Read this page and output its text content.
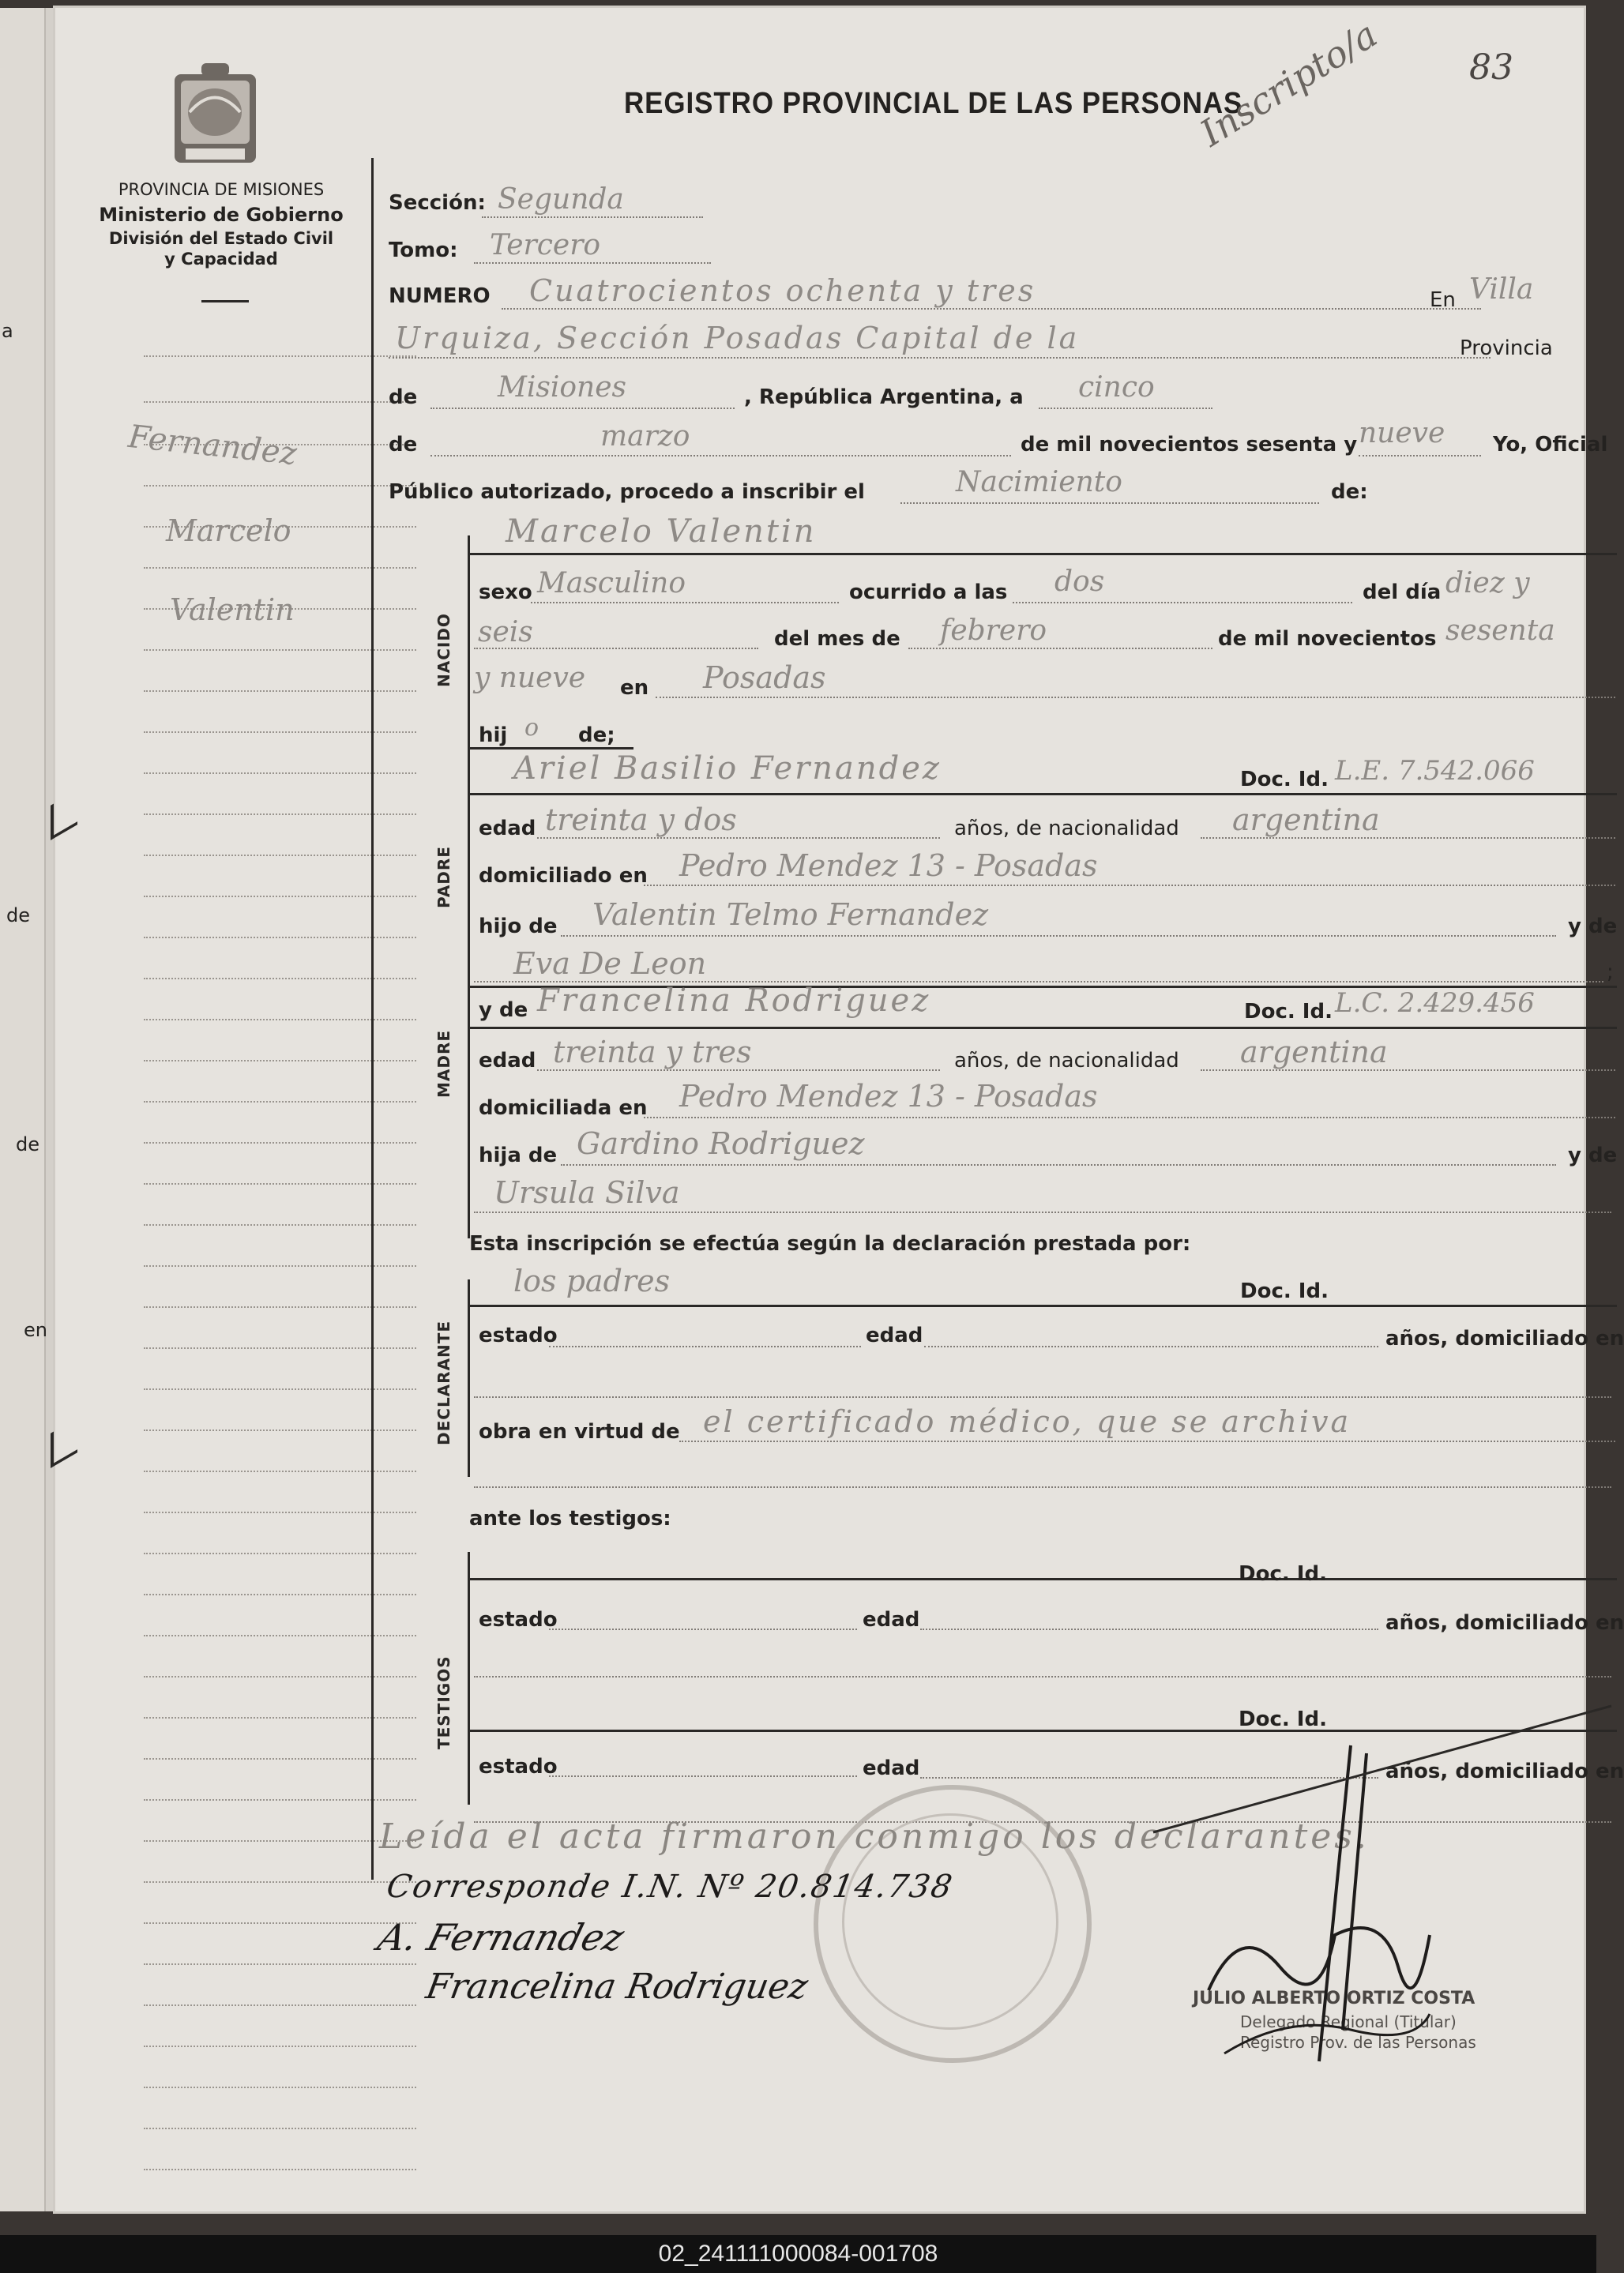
a
de
de
en
PROVINCIA DE MISIONES
Ministerio de Gobierno
División del Estado Civil
y Capacidad
REGISTRO PROVINCIAL DE LAS PERSONAS
Inscripto/a 83
Fernandez
Marcelo
Valentin
Sección: Segunda
Tomo: Tercero
NUMERO Cuatrocientos ochenta y tres	En Villa
Urquiza, Sección Posadas Capital de la	Provincia
de	Misiones	, República Argentina, a cinco
de	marzo	de mil novecientos sesenta y nueve Yo, Oficial
Público autorizado, procedo a inscribir el	Nacimiento	de:
Marcelo Valentin
NACIDO
sexo Masculino	ocurrido a las dos	del día diez y
seis	del mes de febrero	de mil novecientos sesenta
y nueve en Posadas
hij o de;
Ariel Basilio Fernandez	Doc. Id. L.E. 7.542.066
PADRE
edad treinta y dos	años, de nacionalidad argentina
domiciliado en Pedro Mendez 13 - Posadas
hijo de Valentin Telmo Fernandez	y de
Eva De Leon	;
y de Francelina Rodriguez	Doc. Id. L.C. 2.429.456
MADRE edad treinta y tres	años, de nacionalidad argentina
domiciliada en Pedro Mendez 13 - Posadas
hija de Gardino Rodriguez	y de
Ursula Silva
Esta inscripción se efectúa según la declaración prestada por:
los padres	Doc. Id.
DECLARANTE estado	edad	años, domiciliado en
obra en virtud de el certificado médico, que se archiva
ante los testigos:
Doc. Id.
TESTIGOS
estado	edad	años, domiciliado en
Doc. Id.
estado	edad	años, domiciliado en
Leída el acta firmaron conmigo los declarantes.
Corresponde I.N. Nº 20.814.738
A. Fernandez
Francelina Rodriguez	JULIO ALBERTO ORTIZ COSTA
Delegado Regional (Titular)
Registro Prov. de las Personas
02_241111000084-001708
